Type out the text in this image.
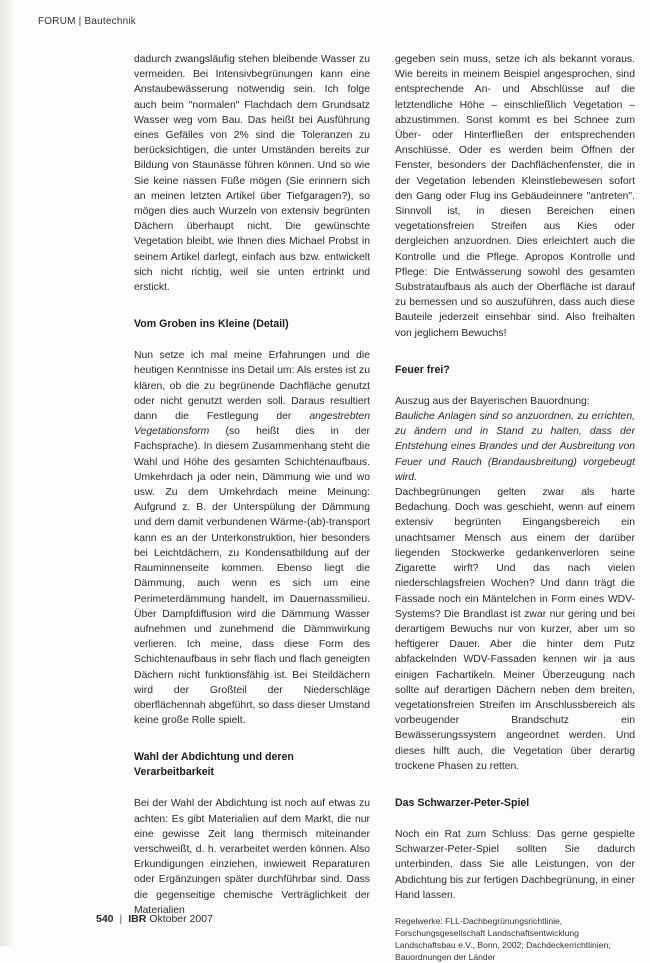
FORUM | Bautechnik

dadurch zwangsläufig stehen bleibende Wasser zu vermeiden. Bei Intensivbegrünungen kann eine Anstaubewässerung notwendig sein. Ich folge auch beim "normalen" Flachdach dem Grundsatz Wasser weg vom Bau. Das heißt bei Ausführung eines Gefälles von 2% sind die Toleranzen zu berücksichtigen, die unter Umständen bereits zur Bildung von Staunässe führen können. Und so wie Sie keine nassen Füße mögen (Sie erinnern sich an meinen letzten Artikel über Tiefgaragen?), so mögen dies auch Wurzeln von extensiv begrünten Dächern überhaupt nicht. Die gewünschte Vegetation bleibt, wie Ihnen dies Michael Probst in seinem Artikel darlegt, einfach aus bzw. entwickelt sich nicht richtig, weil sie unten ertrinkt und erstickt.

Vom Groben ins Kleine (Detail)

Nun setze ich mal meine Erfahrungen und die heutigen Kenntnisse ins Detail um: Als erstes ist zu klären, ob die zu begrünende Dachfläche genutzt oder nicht genutzt werden soll. Daraus resultiert dann die Festlegung der angestrebten Vegetationsform (so heißt dies in der Fachsprache). In diesem Zusammenhang steht die Wahl und Höhe des gesamten Schichtenaufbaus. Umkehrdach ja oder nein, Dämmung wie und wo usw. Zu dem Umkehrdach meine Meinung: Aufgrund z. B. der Unterspülung der Dämmung und dem damit verbundenen Wärme-(ab)-transport kann es an der Unterkonstruktion, hier besonders bei Leichtdächern, zu Kondensatbildung auf der Rauminnenseite kommen. Ebenso liegt die Dämmung, auch wenn es sich um eine Perimeterdämmung handelt, im Dauernassmilieu. Über Dampfdiffusion wird die Dämmung Wasser aufnehmen und zunehmend die Dämmwirkung verlieren. Ich meine, dass diese Form des Schichtenaufbaus in sehr flach und flach geneigten Dächern nicht funktionsfähig ist. Bei Steildächern wird der Großteil der Niederschläge oberflächennah abgeführt, so dass dieser Umstand keine große Rolle spielt.

Wahl der Abdichtung und deren
Verarbeitbarkeit

Bei der Wahl der Abdichtung ist noch auf etwas zu achten: Es gibt Materialien auf dem Markt, die nur eine gewisse Zeit lang thermisch miteinander verschweißt, d. h. verarbeitet werden können. Also Erkundigungen einziehen, inwieweit Reparaturen oder Ergänzungen später durchführbar sind. Dass die gegenseitige chemische Verträglichkeit der Materialien

gegeben sein muss, setze ich als bekannt voraus. Wie bereits in meinem Beispiel angesprochen, sind entsprechende An- und Abschlüsse auf die letztendliche Höhe – einschließlich Vegetation – abzustimmen. Sonst kommt es bei Schnee zum Über- oder Hinterfließen der entsprechenden Anschlüsse. Oder es werden beim Öffnen der Fenster, besonders der Dachflächenfenster, die in der Vegetation lebenden Kleinstlebewesen sofort den Gang oder Flug ins Gebäudeinnere "antreten". Sinnvoll ist, in diesen Bereichen einen vegetationsfreien Streifen aus Kies oder dergleichen anzuordnen. Dies erleichtert auch die Kontrolle und die Pflege. Apropos Kontrolle und Pflege: Die Entwässerung sowohl des gesamten Substrataufbaus als auch der Oberfläche ist darauf zu bemessen und so auszuführen, dass auch diese Bauteile jederzeit einsehbar sind. Also freihalten von jeglichem Bewuchs!

Feuer frei?

Auszug aus der Bayerischen Bauordnung:

Bauliche Anlagen sind so anzuordnen, zu errichten, zu ändern und in Stand zu halten, dass der Entstehung eines Brandes und der Ausbreitung von Feuer und Rauch (Brandausbreitung) vorgebeugt wird.

Dachbegrünungen gelten zwar als harte Bedachung. Doch was geschieht, wenn auf einem extensiv begrünten Eingangsbereich ein unachtsamer Mensch aus einem der darüber liegenden Stockwerke gedankenverloren seine Zigarette wirft? Und das nach vielen niederschlagsfreien Wochen? Und dann trägt die Fassade noch ein Mäntelchen in Form eines WDV-Systems? Die Brandlast ist zwar nur gering und bei derartigem Bewuchs nur von kurzer, aber um so heftigerer Dauer. Aber die hinter dem Putz abfackelnden WDV-Fassaden kennen wir ja aus einigen Fachartikeln. Meiner Überzeugung nach sollte auf derartigen Dächern neben dem breiten, vegetationsfreien Streifen im Anschlussbereich als vorbeugender Brandschutz ein Bewässerungssystem angeordnet werden. Und dieses hilft auch, die Vegetation über derartig trockene Phasen zu retten.

Das Schwarzer-Peter-Spiel

Noch ein Rat zum Schluss: Das gerne gespielte Schwarzer-Peter-Spiel sollten Sie dadurch unterbinden, dass Sie alle Leistungen, von der Abdichtung bis zur fertigen Dachbegrünung, in einer Hand lassen.

Regelwerke: FLL-Dachbegrünungsrichtlinie, Forschungsgesellschaft Landschaftsentwicklung Landschaftsbau e.V., Bonn, 2002; Dachdeckerrichtlinien; Bauordnungen der Länder

540 | IBR Oktober 2007
